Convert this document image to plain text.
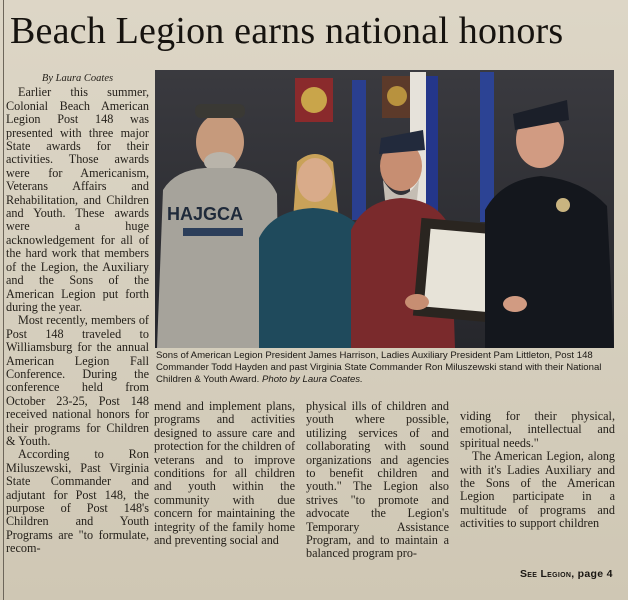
Beach Legion earns national honors

By Laura Coates

Earlier this summer, Colonial Beach American Legion Post 148 was presented with three major State awards for their activities. Those awards were for Americanism, Veterans Affairs and Rehabilitation, and Children and Youth. These awards were a huge acknowledgement for all of the hard work that members of the Legion, the Auxiliary and the Sons of the American Legion put forth during the year.

Most recently, members of Post 148 traveled to Williamsburg for the annual American Legion Fall Conference. During the conference held from October 23-25, Post 148 received national honors for their programs for Children & Youth.

According to Ron Miluszewski, Past Virginia State Commander and adjutant for Post 148, the purpose of Post 148's Children and Youth Programs are "to formulate, recom-

HAJGCA
Sons of American Legion President James Harrison, Ladies Auxiliary President Pam Littleton, Post 148 Commander Todd Hayden and past Virginia State Commander Ron Miluszewski stand with their National Children & Youth Award. Photo by Laura Coates.

mend and implement plans, programs and activities designed to assure care and protection for the children of veterans and to improve conditions for all children and youth within the community with due concern for maintaining the integrity of the family home and preventing social and

physical ills of children and youth where possible, utilizing services of and collaborating with sound organizations and agencies to benefit children and youth." The Legion also strives "to promote and advocate the Legion's Temporary Assistance Program, and to maintain a balanced program pro-

viding for their physical, emotional, intellectual and spiritual needs."

The American Legion, along with it's Ladies Auxiliary and the Sons of the American Legion participate in a multitude of programs and activities to support children

See Legion, page 4
